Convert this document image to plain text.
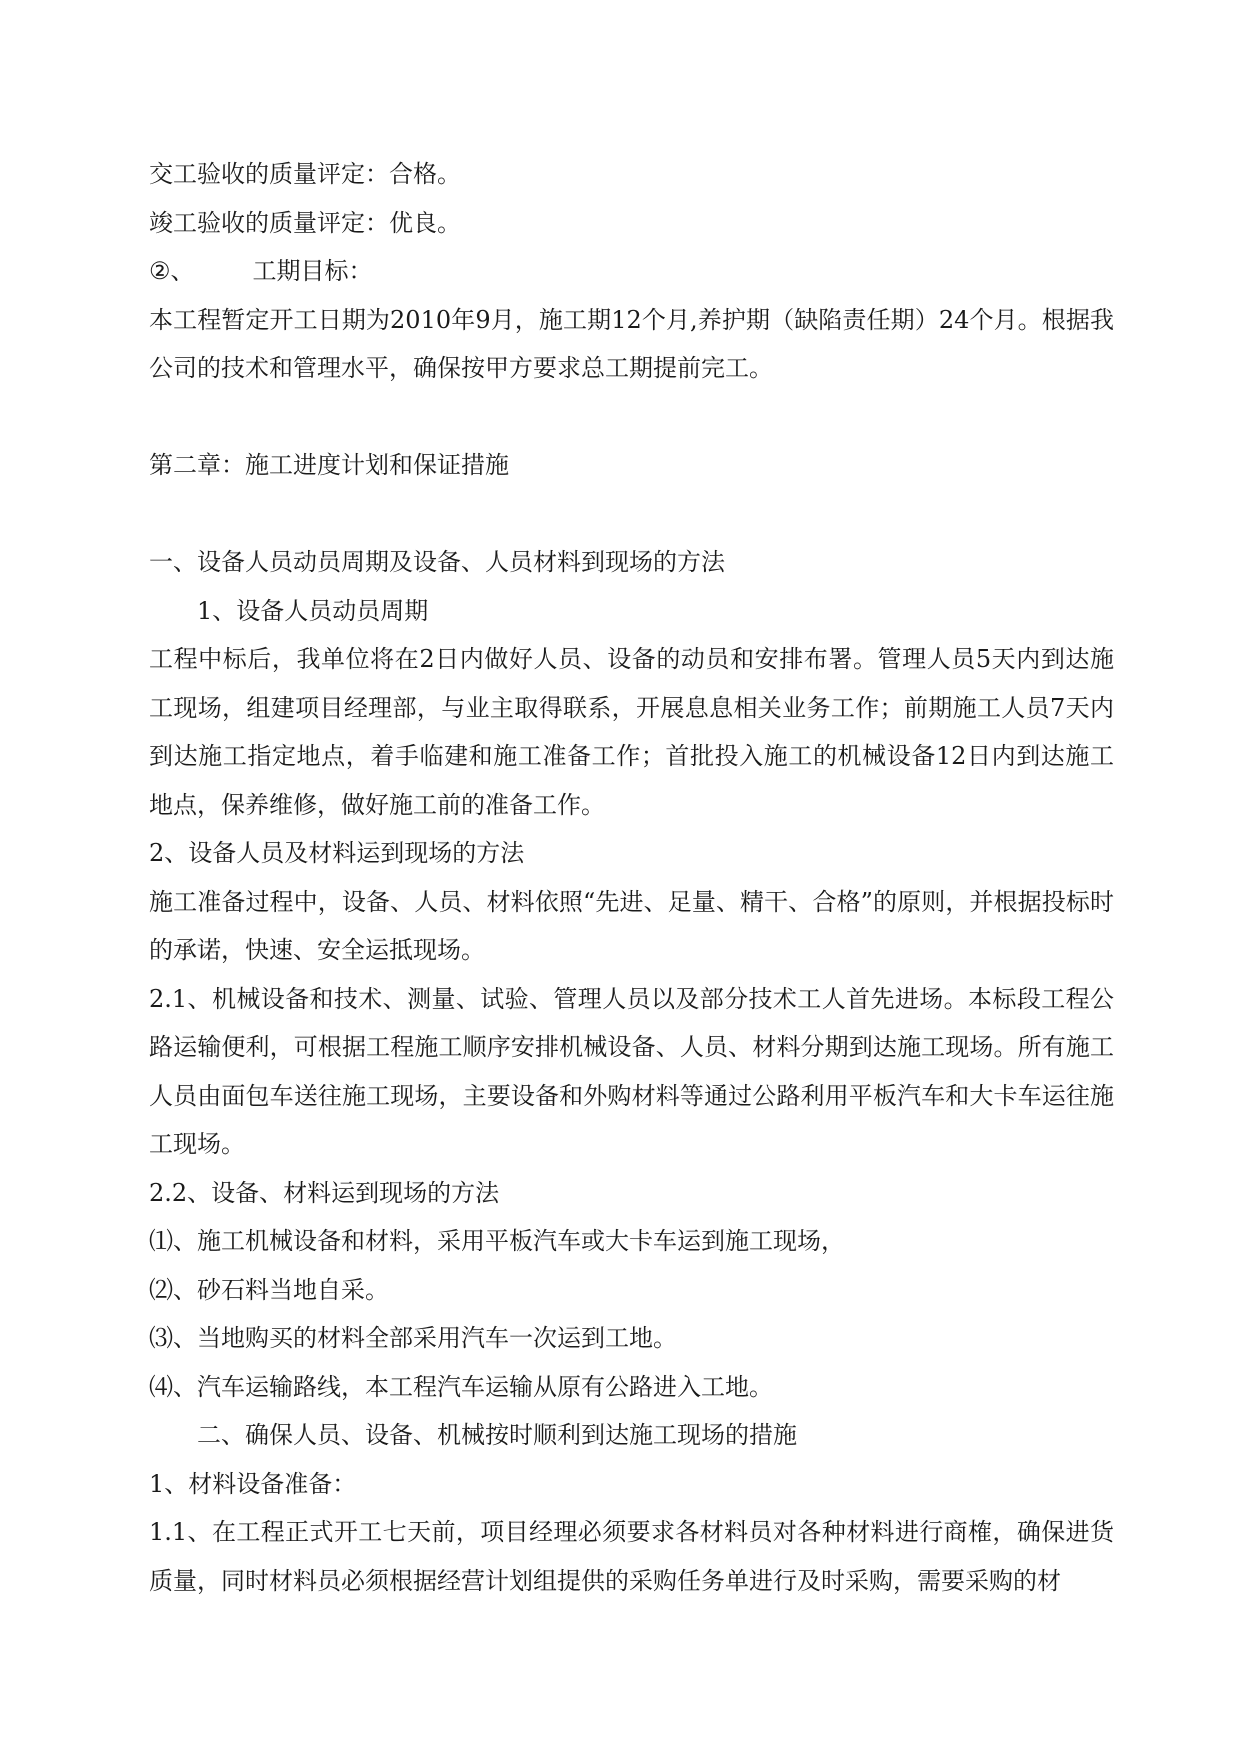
交工验收的质量评定：合格。

竣工验收的质量评定：优良。

②、 工期目标：

本工程暂定开工日期为2010年9月，施工期12个月,养护期（缺陷责任期）24个月。根据我公司的技术和管理水平，确保按甲方要求总工期提前完工。

第二章：施工进度计划和保证措施

一、设备人员动员周期及设备、人员材料到现场的方法

1、设备人员动员周期

工程中标后，我单位将在2日内做好人员、设备的动员和安排布署。管理人员5天内到达施工现场，组建项目经理部，与业主取得联系，开展息息相关业务工作；前期施工人员7天内到达施工指定地点，着手临建和施工准备工作；首批投入施工的机械设备12日内到达施工地点，保养维修，做好施工前的准备工作。

2、设备人员及材料运到现场的方法

施工准备过程中，设备、人员、材料依照“先进、足量、精干、合格”的原则，并根据投标时的承诺，快速、安全运抵现场。

2.1、机械设备和技术、测量、试验、管理人员以及部分技术工人首先进场。本标段工程公路运输便利，可根据工程施工顺序安排机械设备、人员、材料分期到达施工现场。所有施工人员由面包车送往施工现场，主要设备和外购材料等通过公路利用平板汽车和大卡车运往施工现场。

2.2、设备、材料运到现场的方法

⑴、施工机械设备和材料，采用平板汽车或大卡车运到施工现场，

⑵、砂石料当地自采。

⑶、当地购买的材料全部采用汽车一次运到工地。

⑷、汽车运输路线，本工程汽车运输从原有公路进入工地。

二、确保人员、设备、机械按时顺利到达施工现场的措施

1、材料设备准备：

1.1、在工程正式开工七天前，项目经理必须要求各材料员对各种材料进行商榷，确保进货质量，同时材料员必须根据经营计划组提供的采购任务单进行及时采购，需要采购的材
